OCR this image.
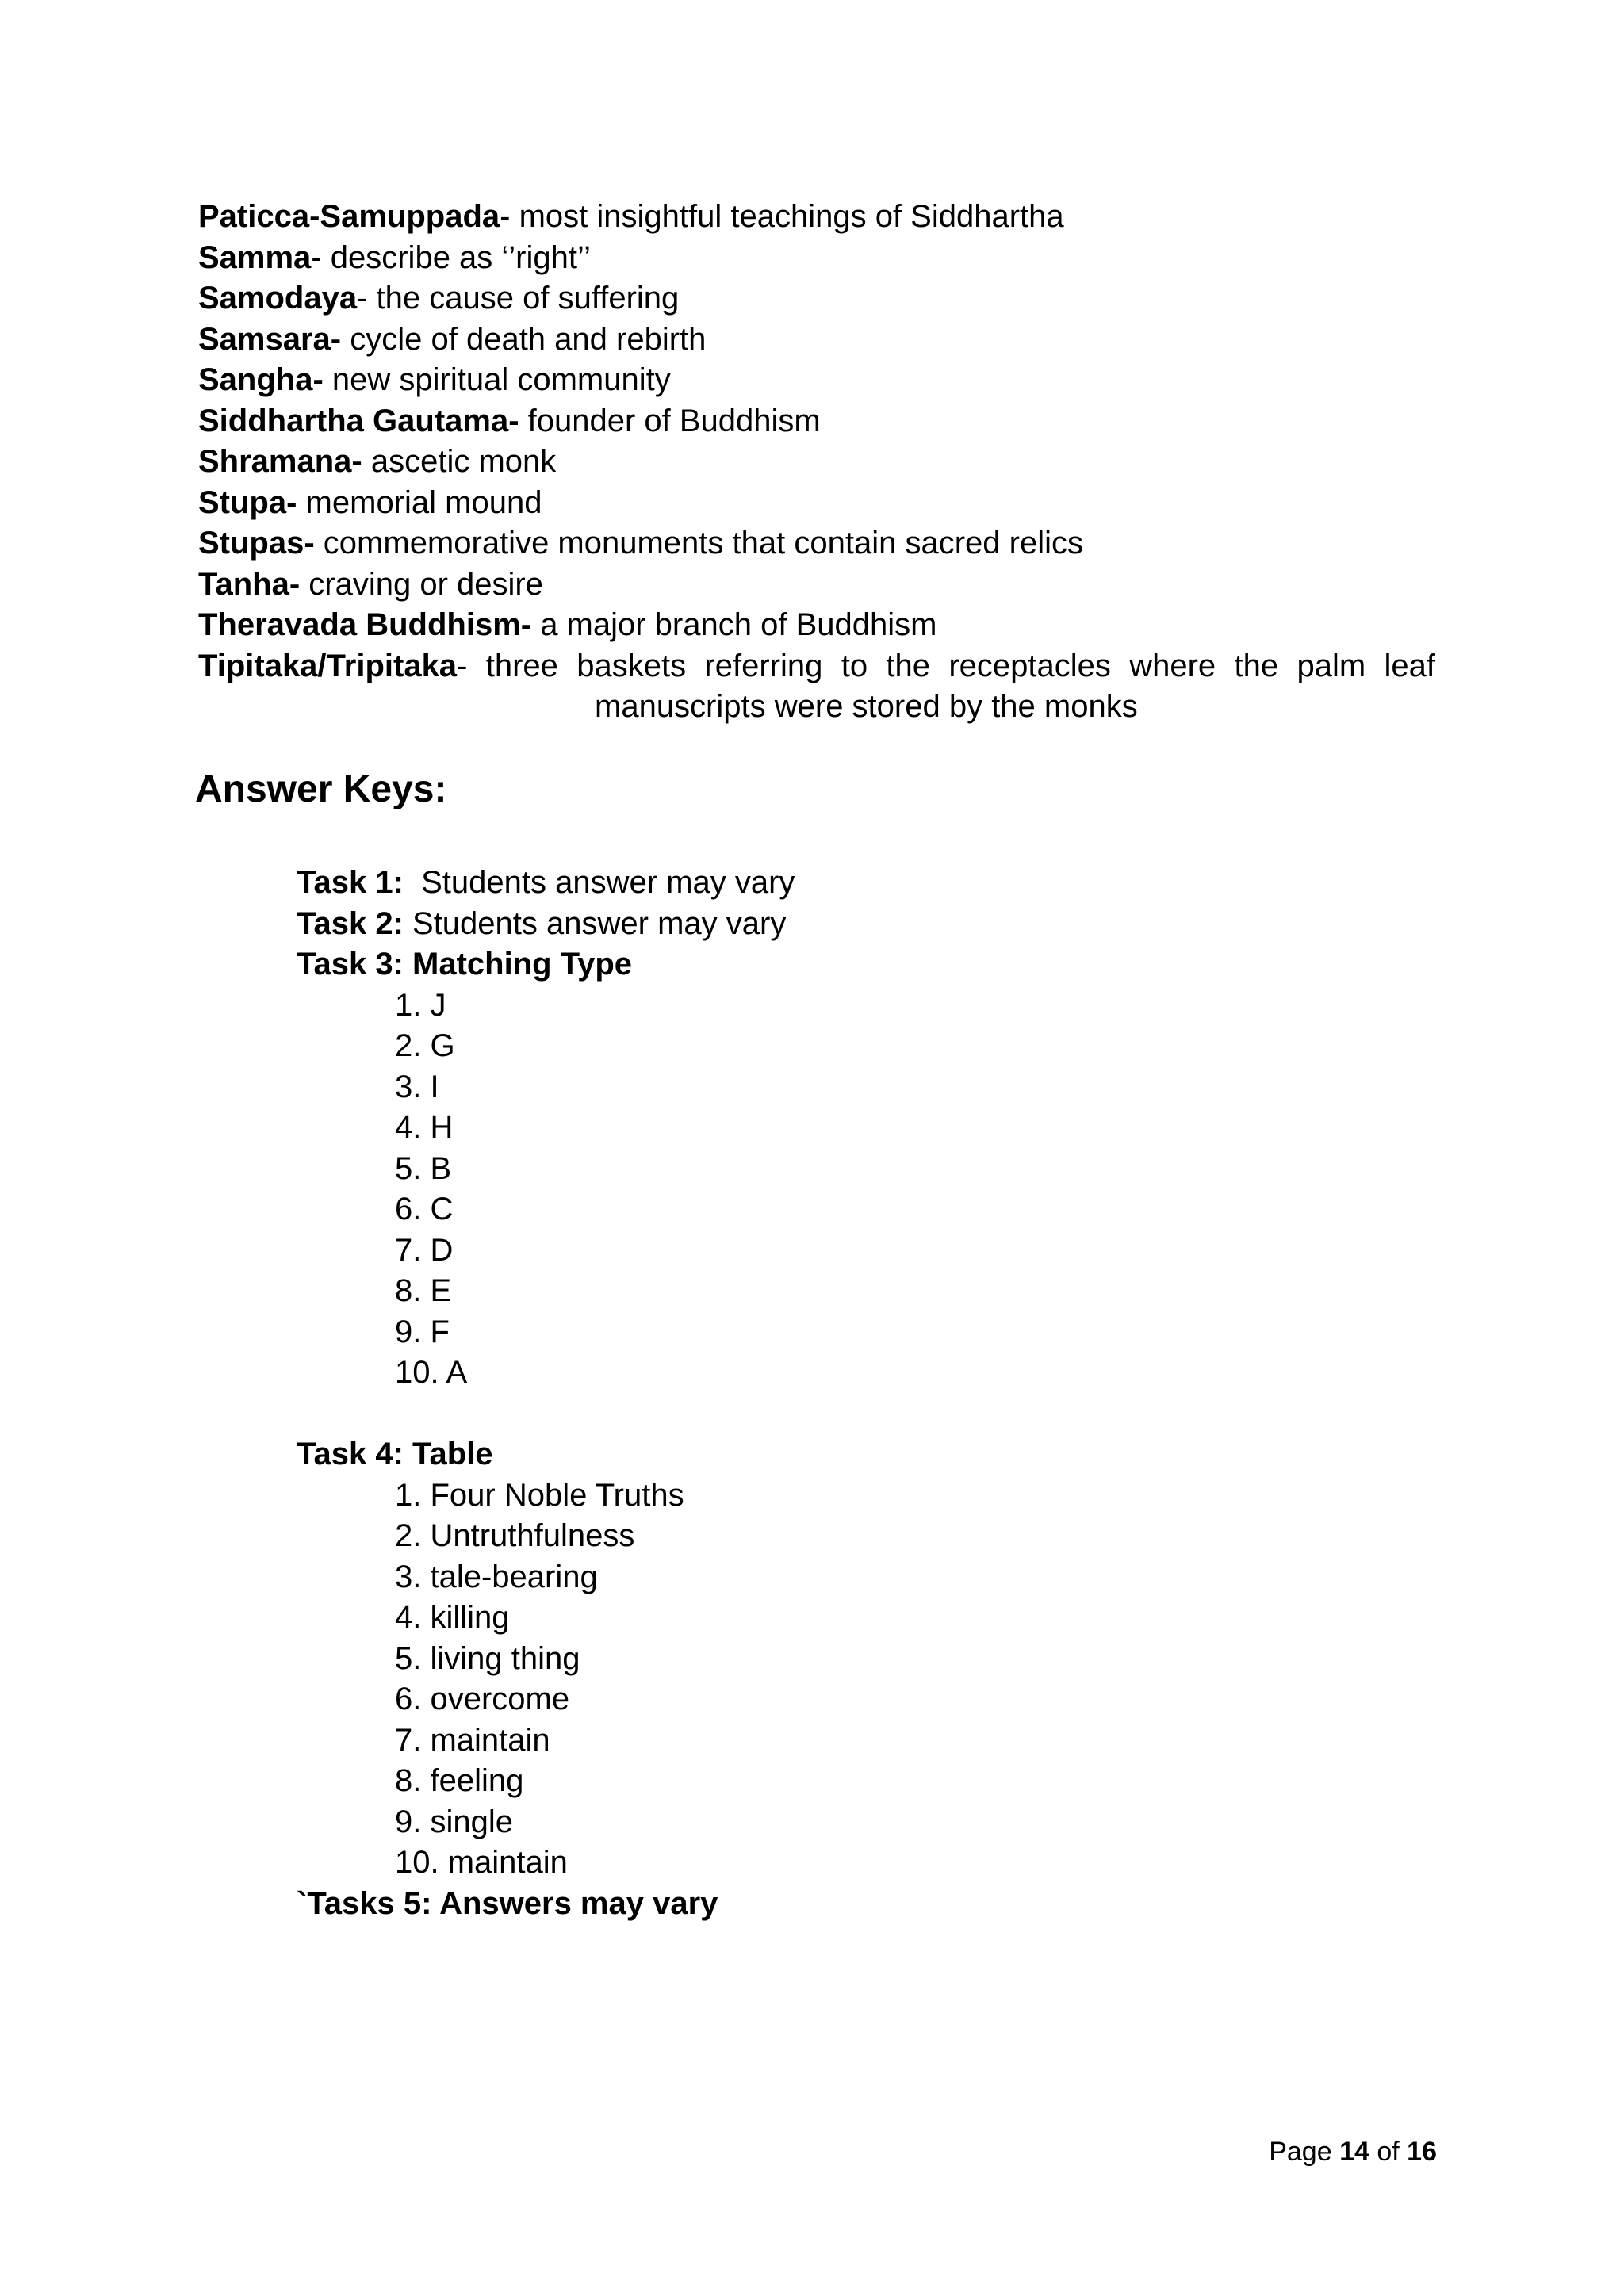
Paticca-Samuppada- most insightful teachings of Siddhartha

Samma- describe as ‘’right’’

Samodaya- the cause of suffering

Samsara- cycle of death and rebirth

Sangha- new spiritual community

Siddhartha Gautama- founder of Buddhism

Shramana- ascetic monk

Stupa- memorial mound

Stupas- commemorative monuments that contain sacred relics

Tanha- craving or desire

Theravada Buddhism- a major branch of Buddhism

Tipitaka/Tripitaka- three baskets referring to the receptacles where the palm leaf

manuscripts were stored by the monks

Answer Keys:

Task 1: Students answer may vary

Task 2: Students answer may vary

Task 3: Matching Type

1. J
2. G
3. I
4. H
5. B
6. C
7. D
8. E
9. F
10. A

Task 4: Table

1. Four Noble Truths
2. Untruthfulness
3. tale-bearing
4. killing
5. living thing
6. overcome
7. maintain
8. feeling
9. single
10. maintain

`Tasks 5: Answers may vary

Page 14 of 16
